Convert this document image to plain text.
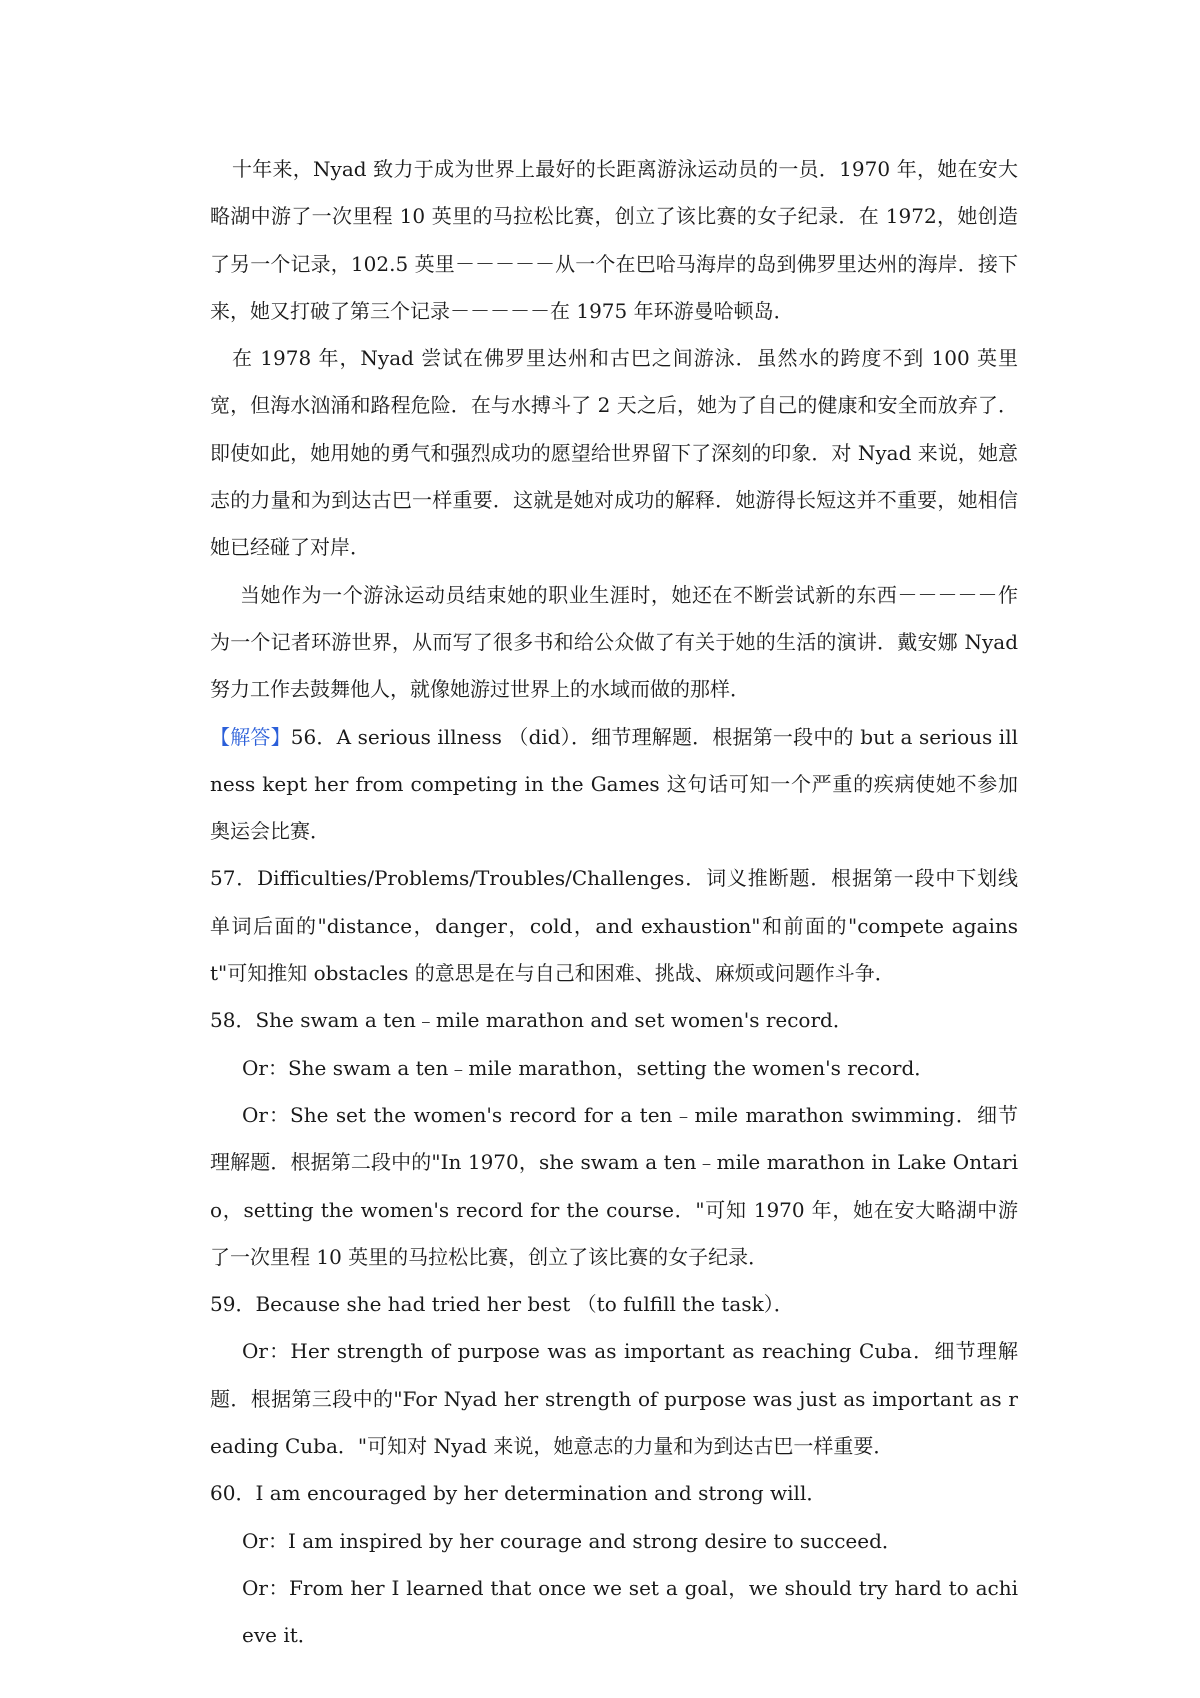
十年来，Nyad 致力于成为世界上最好的长距离游泳运动员的一员．1970 年，她在安大略湖中游了一次里程 10 英里的马拉松比赛，创立了该比赛的女子纪录．在 1972，她创造了另一个记录，102.5 英里－－－－－从一个在巴哈马海岸的岛到佛罗里达州的海岸．接下来，她又打破了第三个记录－－－－－在 1975 年环游曼哈顿岛．

在 1978 年，Nyad 尝试在佛罗里达州和古巴之间游泳．虽然水的跨度不到 100 英里宽，但海水汹涌和路程危险．在与水搏斗了 2 天之后，她为了自己的健康和安全而放弃了．即使如此，她用她的勇气和强烈成功的愿望给世界留下了深刻的印象．对 Nyad 来说，她意志的力量和为到达古巴一样重要．这就是她对成功的解释．她游得长短这并不重要，她相信她已经碰了对岸．

当她作为一个游泳运动员结束她的职业生涯时，她还在不断尝试新的东西－－－－－作为一个记者环游世界，从而写了很多书和给公众做了有关于她的生活的演讲．戴安娜 Nyad 努力工作去鼓舞他人，就像她游过世界上的水域而做的那样．

【解答】56．A serious illness （did）．细节理解题．根据第一段中的 but a serious illness kept her from competing in the Games 这句话可知一个严重的疾病使她不参加奥运会比赛．

57．Difficulties/Problems/Troubles/Challenges．词义推断题．根据第一段中下划线单词后面的"distance，danger，cold，and exhaustion"和前面的"compete against"可知推知 obstacles 的意思是在与自己和困难、挑战、麻烦或问题作斗争．

58．She swam a ten﹣mile marathon and set women's record．

Or：She swam a ten﹣mile marathon，setting the women's record．

Or：She set the women's record for a ten﹣mile marathon swimming．细节理解题．根据第二段中的"In 1970，she swam a ten﹣mile marathon in Lake Ontario，setting the women's record for the course．"可知 1970 年，她在安大略湖中游了一次里程 10 英里的马拉松比赛，创立了该比赛的女子纪录．

59．Because she had tried her best （to fulfill the task）．

Or：Her strength of purpose was as important as reaching Cuba．细节理解题．根据第三段中的"For Nyad her strength of purpose was just as important as reading Cuba．"可知对 Nyad 来说，她意志的力量和为到达古巴一样重要．

60．I am encouraged by her determination and strong will．

Or：I am inspired by her courage and strong desire to succeed．

Or：From her I learned that once we set a goal，we should try hard to achieve it．
